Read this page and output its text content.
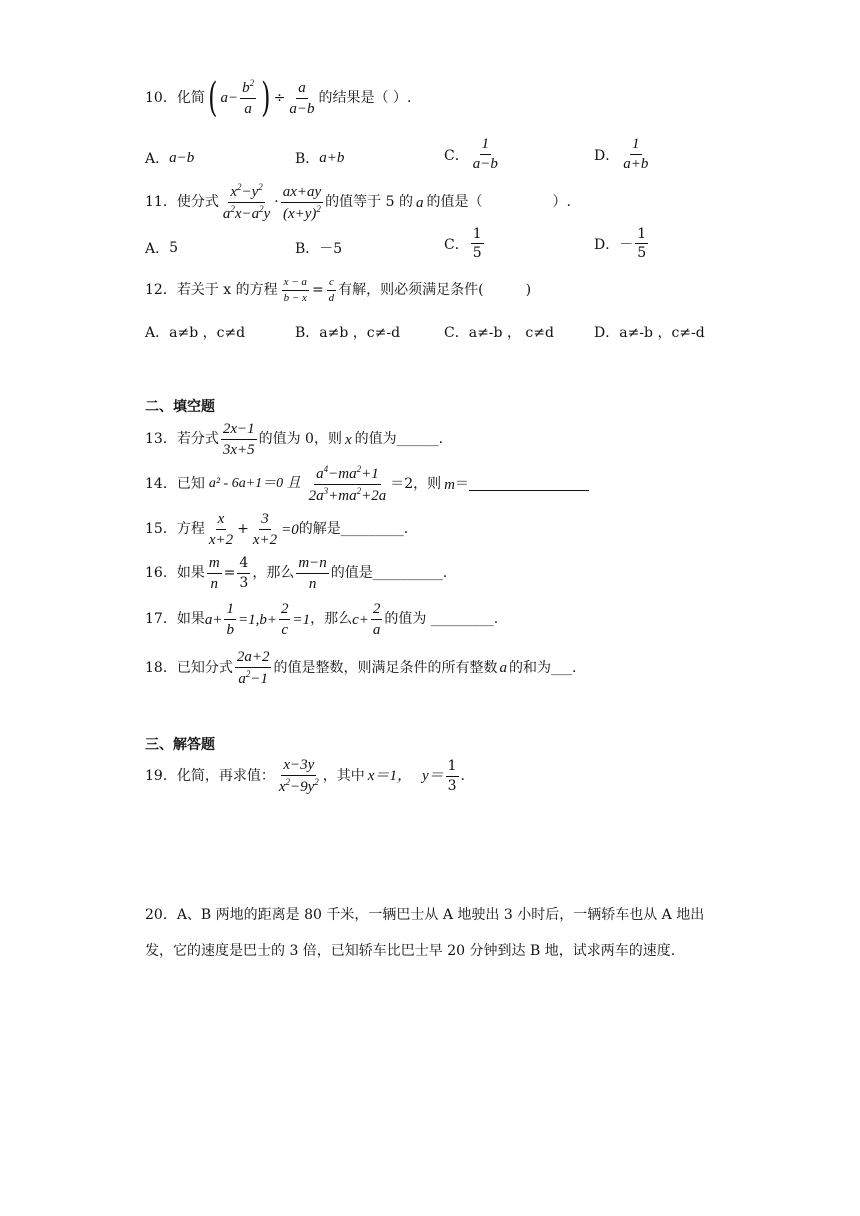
10． 化简 ( $a- \frac{b^2}{a}$ ) ÷ $\frac{a}{a-b}$ 的结果是（ ）.
A． a−b	B． a+b	C． $\frac{1}{a-b}$	D． $\frac{1}{a+b}$
11． 使分式 $\frac{x^2-y^2}{a^2x-a^2y} \cdot \frac{ax+ay}{(x+y)^2}$ 的值等于 5 的 a 的值是（　　　　　）.
A． 5	B． －5	C． $\frac{1}{5}$	D． － $\frac{1}{5}$
12． 若关于 x 的方程 $\frac{x - a}{b - x} = \frac{c}{d}$ 有解，则必须满足条件(　　　)
A． a≠b ，c≠d	B． a≠b ，c≠-d	C． a≠-b ， c≠d	D． a≠-b ，c≠-d
二、填空题
13． 若分式 $\frac{2x-1}{3x+5}$ 的值为 0，则 x 的值为______.
14． 已知 a² - 6a+1＝0 且 $\frac{a^4-ma^2+1}{2a^3+ma^2+2a} =2$，则 m ＝
15． 方程 $\frac{x}{x+2} + \frac{3}{x+2} =0$ 的解是_________.
16． 如果 $\frac{m}{n} = \frac{4}{3}$ ，那么 $\frac{m-n}{n}$ 的值是__________.
17． 如果 $a+ \frac{1}{b} =1,b+ \frac{2}{c} =1$ ，那么 $c+ \frac{2}{a}$ 的值为 _________.
18． 已知分式 $\frac{2a+2}{a^2-1}$ 的值是整数，则满足条件的所有整数 a 的和为___.
三、解答题
19． 化简，再求值： $\frac{x-3y}{x^2-9y^2}$ ，其中 x＝1， $y= \frac{1}{3}$ .
20．A、B 两地的距离是 80 千米，一辆巴士从 A 地驶出 3 小时后，一辆轿车也从 A 地出
发，它的速度是巴士的 3 倍，已知轿车比巴士早 20 分钟到达 B 地，试求两车的速度.
